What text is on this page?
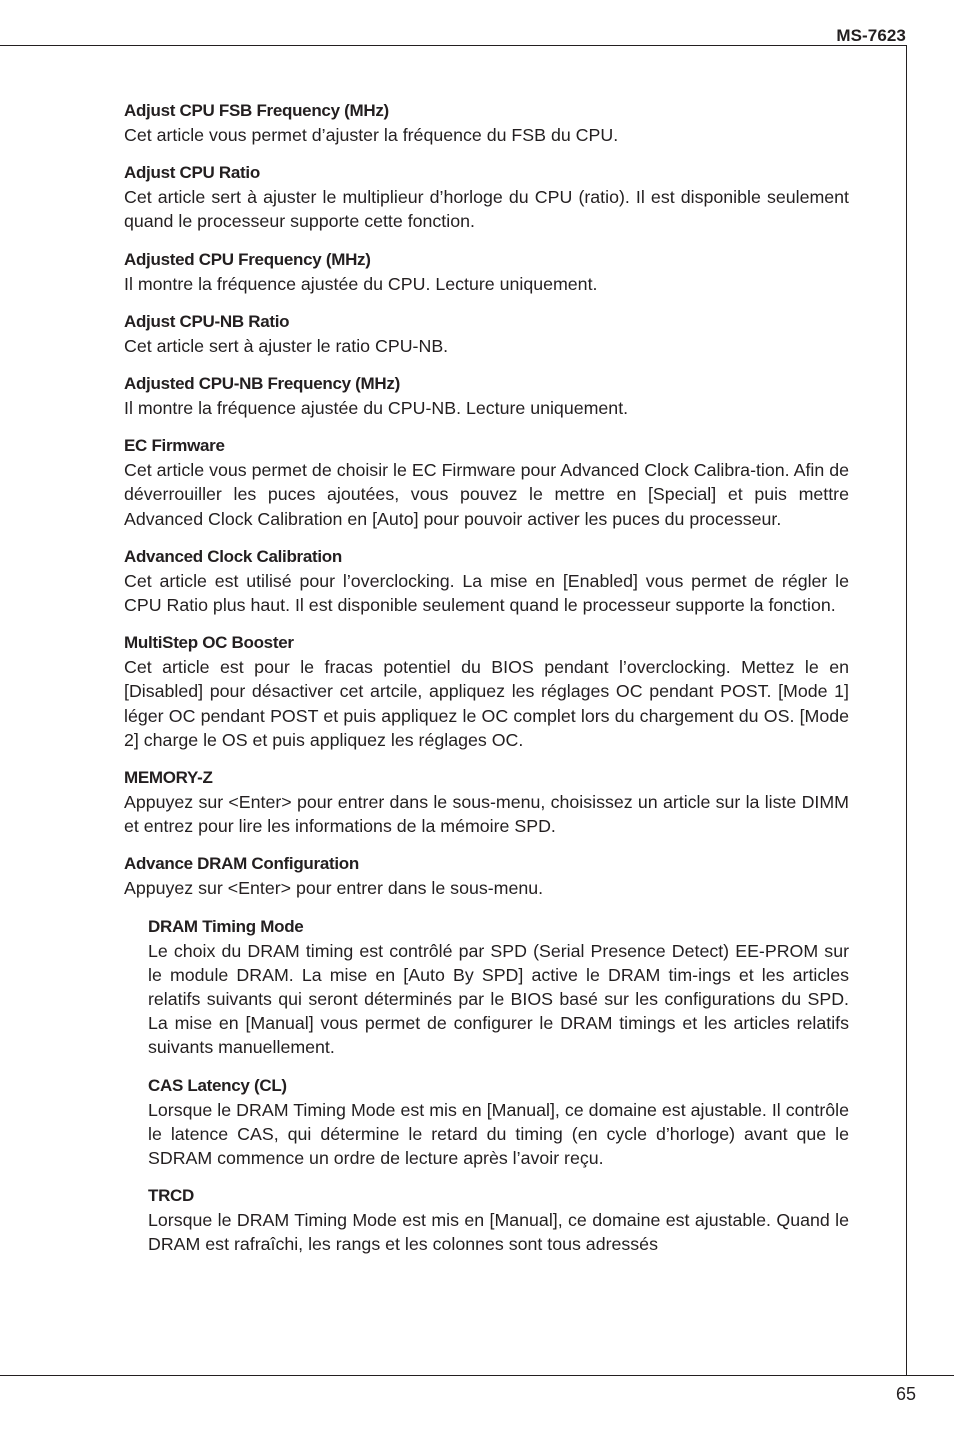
MS-7623

Adjust CPU FSB Frequency (MHz)

Cet article vous permet d’ajuster la fréquence du FSB du CPU.

Adjust CPU Ratio

Cet article sert à ajuster le multiplieur d’horloge du CPU (ratio). Il est disponible seulement quand le processeur supporte cette fonction.

Adjusted CPU Frequency (MHz)

Il montre la fréquence ajustée du CPU. Lecture uniquement.

Adjust CPU-NB Ratio

Cet article sert à ajuster le ratio CPU-NB.

Adjusted CPU-NB Frequency (MHz)

Il montre la fréquence ajustée du CPU-NB. Lecture uniquement.

EC Firmware

Cet article vous permet de choisir le EC Firmware pour Advanced Clock Calibra-tion. Afin de déverrouiller les puces ajoutées, vous pouvez le mettre en [Special] et puis mettre Advanced Clock Calibration en [Auto] pour pouvoir activer les puces du processeur.

Advanced Clock Calibration

Cet article est utilisé pour l’overclocking. La mise en [Enabled] vous permet de régler le CPU Ratio plus haut. Il est disponible seulement quand le processeur supporte la fonction.

MultiStep OC Booster

Cet article est pour le fracas potentiel du BIOS pendant l’overclocking. Mettez le en [Disabled] pour désactiver cet artcile, appliquez les réglages OC pendant POST. [Mode 1] léger OC pendant POST et puis appliquez le OC complet lors du chargement du OS. [Mode 2] charge le OS et puis appliquez les réglages OC.

MEMORY-Z

Appuyez sur <Enter> pour entrer dans le sous-menu, choisissez un article sur la liste DIMM et entrez pour lire les informations de la mémoire SPD.

Advance DRAM Configuration

Appuyez sur <Enter> pour entrer dans le sous-menu.

DRAM Timing Mode

Le choix du DRAM timing est contrôlé par SPD (Serial Presence Detect) EE-PROM sur le module DRAM. La mise en [Auto By SPD] active le DRAM tim-ings et les articles relatifs suivants qui seront déterminés par le BIOS basé sur les configurations du SPD. La mise en [Manual] vous permet de configurer le DRAM timings et les articles relatifs suivants manuellement.

CAS Latency (CL)

Lorsque le DRAM Timing Mode est mis en [Manual], ce domaine est ajustable. Il contrôle le latence CAS, qui détermine le retard du timing (en cycle d’horloge) avant que le SDRAM commence un ordre de lecture après l’avoir reçu.

TRCD

Lorsque le DRAM Timing Mode est mis en [Manual], ce domaine est ajustable. Quand le DRAM est rafraîchi, les rangs et les colonnes sont tous adressés

65
